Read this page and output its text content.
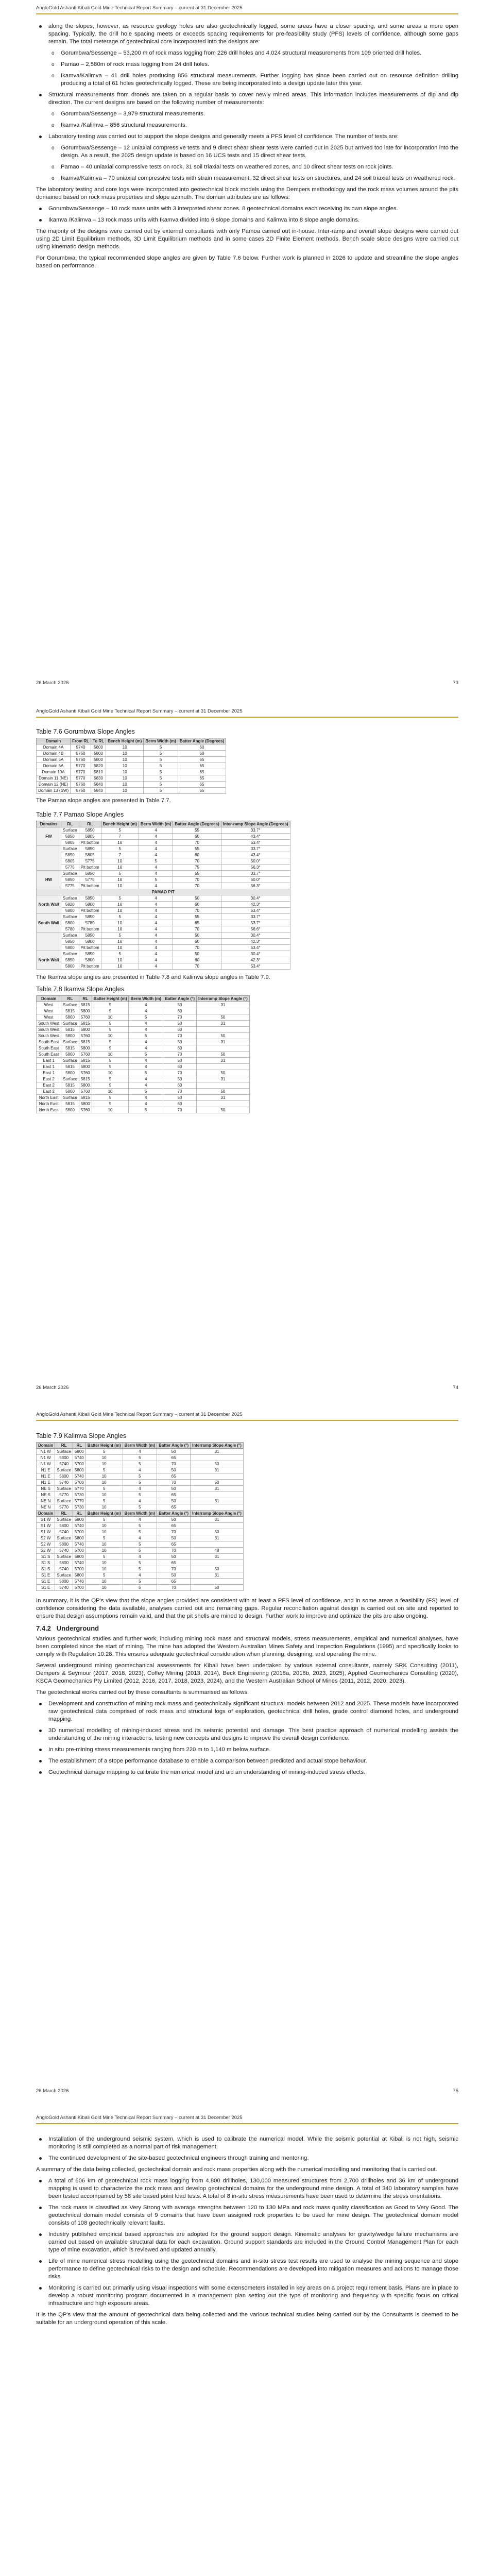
AngloGold Ashanti Kibali Gold Mine Technical Report Summary – current at 31 December 2025
along the slopes, however, as resource geology holes are also geotechnically logged, some areas have a closer spacing, and some areas a more open spacing. Typically, the drill hole spacing meets or exceeds spacing requirements for pre-feasibility study (PFS) levels of confidence, although some gaps remain. The total meterage of geotechnical core incorporated into the designs are:
o Gorumbwa/Sessenge – 53,200 m of rock mass logging from 226 drill holes and 4,024 structural measurements from 109 oriented drill holes.
o Pamao – 2,580m of rock mass logging from 24 drill holes.
o Ikamva/Kalimva – 41 drill holes producing 856 structural measurements. Further logging has since been carried out on resource definition drilling producing a total of 61 holes geotechnically logged. These are being incorporated into a design update later this year.
Structural measurements from drones are taken on a regular basis to cover newly mined areas. This information includes measurements of dip and dip direction. The current designs are based on the following number of measurements:
o Gorumbwa/Sessenge – 3,979 structural measurements.
o Ikamva /Kalimva – 856 structural measurements.
Laboratory testing was carried out to support the slope designs and generally meets a PFS level of confidence. The number of tests are:
o Gorumbwa/Sessenge – 12 uniaxial compressive tests and 9 direct shear shear tests were carried out in 2025 but arrived too late for incorporation into the design. As a result, the 2025 design update is based on 16 UCS tests and 15 direct shear tests.
o Pamao – 40 uniaxial compressive tests on rock, 31 soil triaxial tests on weathered zones, and 10 direct shear tests on rock joints.
o Ikamva/Kalimva – 70 uniaxial compressive tests with strain measurement, 32 direct shear tests on structures, and 24 soil triaxial tests on weathered rock.

The laboratory testing and core logs were incorporated into geotechnical block models using the Dempers methodology and the rock mass volumes around the pits domained based on rock mass properties and slope azimuth. The domain attributes are as follows:

Gorumbwa/Sessenge – 10 rock mass units with 3 interpreted shear zones. 8 geotechnical domains each receiving its own slope angles.
Ikamva /Kalimva – 13 rock mass units with Ikamva divided into 6 slope domains and Kalimva into 8 slope angle domains.

The majority of the designs were carried out by external consultants with only Pamoa carried out in-house. Inter-ramp and overall slope designs were carried out using 2D Limit Equilibrium methods, 3D Limit Equilibrium methods and in some cases 2D Finite Element methods. Bench scale slope designs were carried out using kinematic design methods.

For Gorumbwa, the typical recommended slope angles are given by Table 7.6 below. Further work is planned in 2026 to update and streamline the slope angles based on performance.

26 March 2026	73
AngloGold Ashanti Kibali Gold Mine Technical Report Summary – current at 31 December 2025
Table 7.6 Gorumbwa Slope Angles
Domain	From RL	To RL	Bench Height (m)	Berm Width (m)	Batter Angle (Degrees)
Domain 4A	5740	5800	10	5	60
Domain 4B	5760	5800	10	5	60
Domain 5A	5760	5800	10	5	65
Domain 6A	5770	5820	10	5	65
Domain 10A	5770	5810	10	5	65
Domain 11 (NE)	5770	5830	10	5	65
Domain 12 (NE)	5760	5840	10	5	65
Domain 13 (SW)	5760	5840	10	5	65

The Pamao slope angles are presented in Table 7.7.

Table 7.7 Pamao Slope Angles
Domains	RL	RL	Bench Height (m)	Berm Width (m)	Batter Angle (Degrees)	Inter-ramp Slope Angle (Degrees)
FW	Surface	5850	5	4	55	33.7°
	5850	5805	7	4	60	43.4°
	5805	Pit bottom	10	4	70	53.4°
	Surface	5850	5	4	55	33.7°
	5850	5805	7	4	60	43.4°
	5805	5775	10	5	70	50.0°
	5775	Pit bottom	10	4	75	56.3°
HW	Surface	5850	5	4	55	33.7°
	5850	5775	10	5	70	50.0°
	5775	Pit bottom	10	4	70	56.3°
PAMAO PIT						
North Wall	Surface	5850	5	4	50	30.4°
	5820	5800	10	4	60	42.3°
	5800	Pit bottom	10	4	70	53.4°
South Wall	Surface	5850	5	4	55	33.7°
	5800	5780	10	4	65	53.7°
	5780	Pit bottom	10	4	70	56.6°
	Surface	5850	5	4	50	30.4°
	5850	5800	10	4	60	42.3°
	5800	Pit bottom	10	4	70	53.4°
North Wall	Surface	5850	5	4	50	30.4°
	5850	5800	10	4	60	42.3°
	5800	Pit bottom	10	4	70	53.4°

The Ikamva slope angles are presented in Table 7.8 and Kalimva slope angles in Table 7.9.

Table 7.8 Ikamva Slope Angles
Domain	RL	RL	Batter Height (m)	Berm Width (m)	Batter Angle (°)	Interramp Slope Angle (°)
West	Surface	5815	5	4	50	31
West	5815	5800	5	4	60	
West	5800	5760	10	5	70	50
South West	Surface	5815	5	4	50	31
South West	5815	5800	5	4	60	
South West	5800	5760	10	5	70	50
South East	Surface	5815	5	4	50	31
South East	5815	5800	5	4	60	
South East	5800	5760	10	5	70	50
East 1	Surface	5815	5	4	50	31
East 1	5815	5800	5	4	60	
East 1	5800	5760	10	5	70	50
East 2	Surface	5815	5	4	50	31
East 2	5815	5800	5	4	60	
East 2	5800	5760	10	5	70	50
North East	Surface	5815	5	4	50	31
North East	5815	5800	5	4	60	
North East	5800	5760	10	5	70	50
26 March 2026	74
AngloGold Ashanti Kibali Gold Mine Technical Report Summary – current at 31 December 2025
Table 7.9 Kalimva Slope Angles
Domain	RL	RL	Batter Height (m)	Berm Width (m)	Batter Angle (°)	Interramp Slope Angle (°)
N1 W	Surface	5800	5	4	50	31
N1 W	5800	5740	10	5	65	
N1 W	5740	5700	10	5	70	50
N1 E	Surface	5800	5	4	50	31
N1 E	5800	5740	10	5	65	
N1 E	5740	5700	10	5	70	50
NE S	Surface	5770	5	4	50	31
NE S	5770	5730	10	5	65	
NE N	Surface	5770	5	4	50	31
NE N	5770	5730	10	5	65	
Domain	RL	RL	Batter Height (m)	Berm Width (m)	Batter Angle (°)	Interramp Slope Angle (°)
S1 W	Surface	5800	5	4	50	31
S1 W	5800	5740	10	5	65	
S1 W	5740	5700	10	5	70	50
S2 W	Surface	5800	5	4	50	31
S2 W	5800	5740	10	5	65	
S2 W	5740	5700	10	5	70	48
S1 S	Surface	5800	5	4	50	31
S1 S	5800	5740	10	5	65	
S1 S	5740	5700	10	5	70	50
S1 E	Surface	5800	5	4	50	31
S1 E	5800	5740	10	5	65	
S1 E	5740	5700	10	5	70	50

In summary, it is the QP's view that the slope angles provided are consistent with at least a PFS level of confidence, and in some areas a feasibility (FS) level of confidence considering the data available, analyses carried out and remaining gaps. Regular reconciliation against design is carried out on site and reported to ensure that design assumptions remain valid, and that the pit shells are mined to design. Further work to improve and optimize the pits are also ongoing.

7.4.2 Underground

Various geotechnical studies and further work, including mining rock mass and structural models, stress measurements, empirical and numerical analyses, have been completed since the start of mining. The mine has adopted the Western Australian Mines Safety and Inspection Regulations (1995) and specifically looks to comply with Regulation 10.28. This ensures adequate geotechnical consideration when planning, designing, and operating the mine.

Several underground mining geomechanical assessments for Kibali have been undertaken by various external consultants, namely SRK Consulting (2011), Dempers & Seymour (2017, 2018, 2023), Coffey Mining (2013, 2014), Beck Engineering (2018a, 2018b, 2023, 2025), Applied Geomechanics Consulting (2020), KSCA Geomechanics Pty Limited (2012, 2016, 2017, 2018, 2023, 2024), and the Western Australian School of Mines (2011, 2012, 2020, 2023).

The geotechnical works carried out by these consultants is summarised as follows:

Development and construction of mining rock mass and geotechnically significant structural models between 2012 and 2025. These models have incorporated raw geotechnical data comprised of rock mass and structural logs of exploration, geotechnical drill holes, grade control diamond holes, and underground mapping.
3D numerical modelling of mining-induced stress and its seismic potential and damage. This best practice approach of numerical modelling assists the understanding of the mining interactions, testing new concepts and designs to improve the overall design confidence.
In situ pre-mining stress measurements ranging from 220 m to 1,140 m below surface.
The establishment of a stope performance database to enable a comparison between predicted and actual stope behaviour.
Geotechnical damage mapping to calibrate the numerical model and aid an understanding of mining-induced stress effects.
26 March 2026	75
AngloGold Ashanti Kibali Gold Mine Technical Report Summary – current at 31 December 2025
Installation of the underground seismic system, which is used to calibrate the numerical model. While the seismic potential at Kibali is not high, seismic monitoring is still completed as a normal part of risk management.
The continued development of the site-based geotechnical engineers through training and mentoring.

A summary of the data being collected, geotechnical domain and rock mass properties along with the numerical modelling and monitoring that is carried out.

A total of 606 km of geotechnical rock mass logging from 4,800 drillholes, 130,000 measured structures from 2,700 drillholes and 36 km of underground mapping is used to characterize the rock mass and develop geotechnical domains for the underground mine design. A total of 340 laboratory samples have been tested accompanied by 58 site based point load tests. A total of 8 in-situ stress measurements have been used to determine the stress orientations.
The rock mass is classified as Very Strong with average strengths between 120 to 130 MPa and rock mass quality classification as Good to Very Good. The geotechnical domain model consists of 9 domains that have been assigned rock properties to be used for mine design. The geotechnical domain model consists of 108 geotechnically relevant faults.
Industry published empirical based approaches are adopted for the ground support design. Kinematic analyses for gravity/wedge failure mechanisms are carried out based on available structural data for each excavation. Ground support standards are included in the Ground Control Management Plan for each type of mine excavation, which is reviewed and updated annually.
Life of mine numerical stress modelling using the geotechnical domains and in-situ stress test results are used to analyse the mining sequence and stope performance to define geotechnical risks to the design and schedule. Recommendations are developed into mitigation measures and actions to manage those risks.
Monitoring is carried out primarily using visual inspections with some extensometers installed in key areas on a project requirement basis. Plans are in place to develop a robust monitoring program documented in a management plan setting out the type of monitoring and frequency with specific focus on critical infrastructure and high exposure areas.

It is the QP's view that the amount of geotechnical data being collected and the various technical studies being carried out by the Consultants is deemed to be suitable for an underground operation of this scale.
